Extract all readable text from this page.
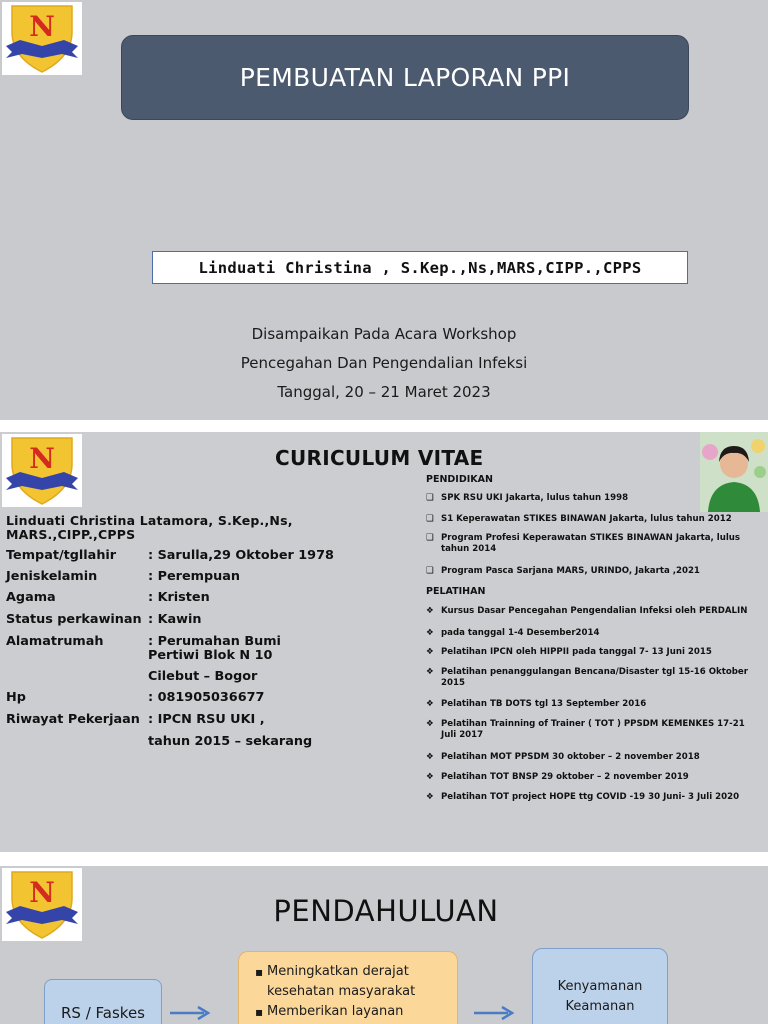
N
PEMBUATAN LAPORAN PPI
Linduati Christina , S.Kep.,Ns,MARS,CIPP.,CPPS
Disampaikan Pada Acara Workshop
Pencegahan Dan Pengendalian Infeksi
Tanggal, 20 – 21 Maret 2023
N	CURICULUM VITAE
Linduati Christina Latamora, S.Kep.,Ns, MARS.,CIPP.,CPPS
Tempat/tgllahir : Sarulla,29 Oktober 1978
Jeniskelamin	: Perempuan
Agama	: Kristen
Status perkawinan : Kawin
Alamatrumah	: Perumahan Bumi
Pertiwi Blok N 10
Cilebut – Bogor
Hp	: 081905036677
Riwayat Pekerjaan : IPCN RSU UKI ,
tahun 2015 – sekarang
PENDIDIKAN
❑ SPK RSU UKI Jakarta, lulus tahun 1998
❑ S1 Keperawatan STIKES BINAWAN Jakarta, lulus tahun 2012
❑ Program Profesi Keperawatan STIKES BINAWAN Jakarta, lulus tahun 2014
❑ Program Pasca Sarjana MARS, URINDO, Jakarta ,2021
PELATIHAN
❖ Kursus Dasar Pencegahan Pengendalian Infeksi oleh PERDALIN
❖ pada tanggal 1-4 Desember2014
❖ Pelatihan IPCN oleh HIPPII pada tanggal 7- 13 Juni 2015
❖ Pelatihan penanggulangan Bencana/Disaster tgl 15-16 Oktober 2015
❖ Pelatihan TB DOTS tgl 13 September 2016
❖ Pelatihan Trainning of Trainer ( TOT ) PPSDM KEMENKES 17-21 Juli 2017
❖ Pelatihan MOT PPSDM 30 oktober – 2 november 2018
❖ Pelatihan TOT BNSP 29 oktober – 2 november 2019
❖ Pelatihan TOT project HOPE ttg COVID -19 30 Juni- 3 Juli 2020
N
PENDAHULUAN
RS / Faskes
▪ Meningkatkan derajat kesehatan masyarakat
▪ Memberikan layanan
Kenyamanan
Keamanan
